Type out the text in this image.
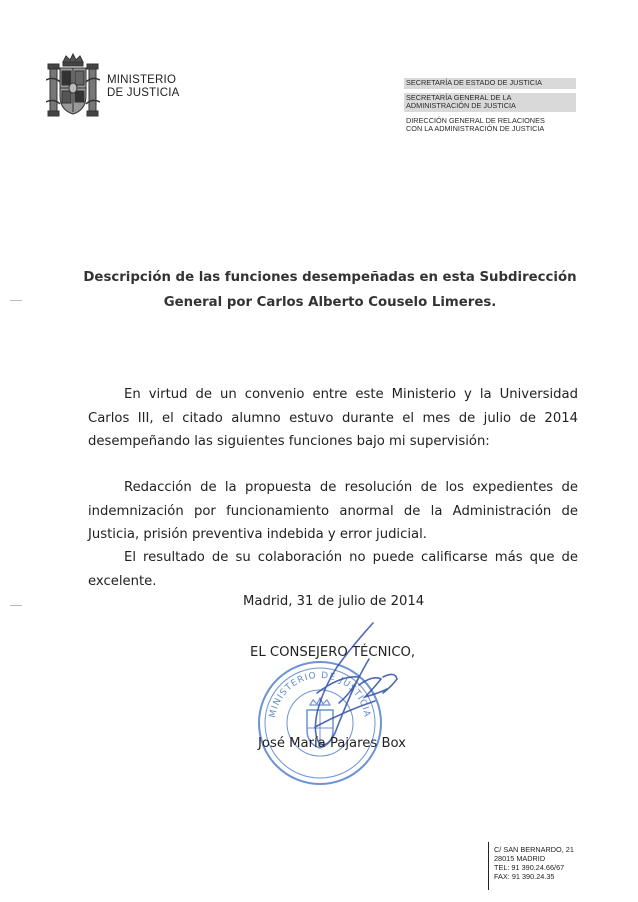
MINISTERIO
DE JUSTICIA
SECRETARÍA DE ESTADO DE JUSTICIA
SECRETARÍA GENERAL DE LA
ADMINISTRACIÓN DE JUSTICIA
DIRECCIÓN GENERAL DE RELACIONES
CON LA ADMINISTRACIÓN DE JUSTICIA
Descripción de las funciones desempeñadas en esta Subdirección
General por Carlos Alberto Couselo Limeres.
En virtud de un convenio entre este Ministerio y la Universidad Carlos III, el citado alumno estuvo durante el mes de julio de 2014 desempeñando las siguientes funciones bajo mi supervisión:
Redacción de la propuesta de resolución de los expedientes de indemnización por funcionamiento anormal de la Administración de Justicia, prisión preventiva indebida y error judicial.
El resultado de su colaboración no puede calificarse más que de excelente.
Madrid, 31 de julio de 2014
MINISTERIO DE JUSTICIA
EL CONSEJERO TÉCNICO,
José María Pajares Box
C/ SAN BERNARDO, 21
28015 MADRID
TEL: 91 390.24.66/67
FAX: 91 390.24.35
